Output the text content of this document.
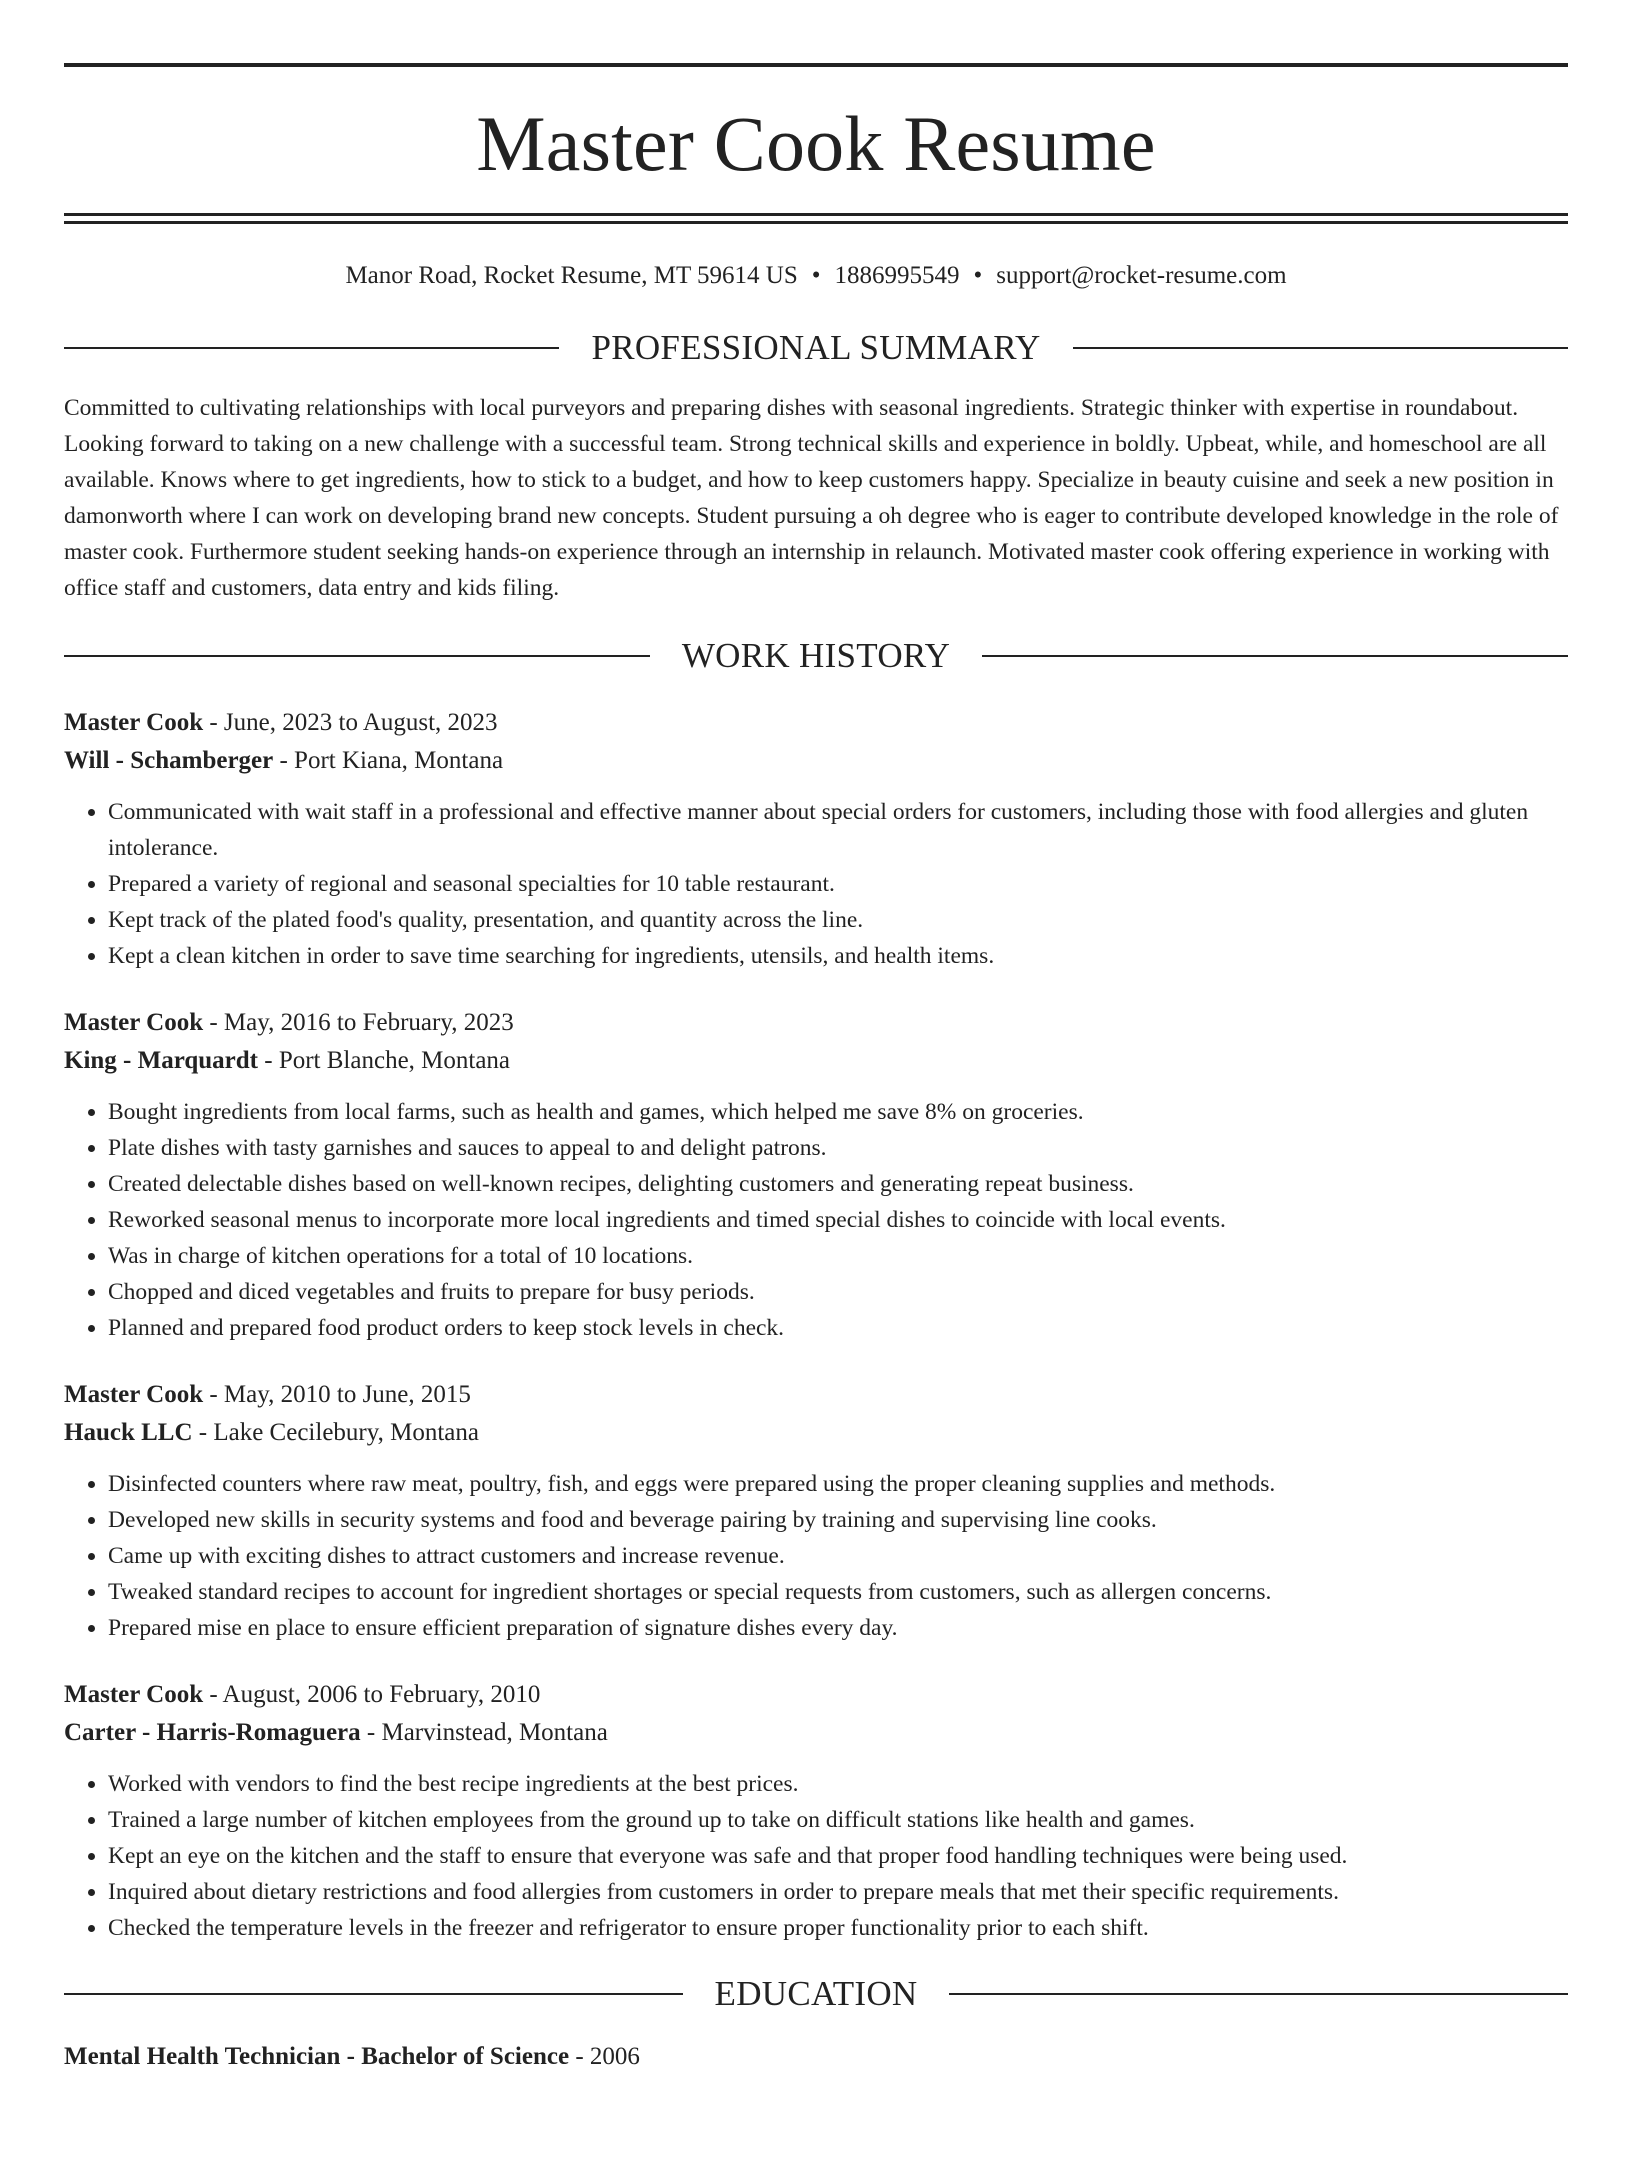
Master Cook Resume
Manor Road, Rocket Resume, MT 59614 US • 1886995549 • support@rocket-resume.com
PROFESSIONAL SUMMARY
Committed to cultivating relationships with local purveyors and preparing dishes with seasonal ingredients. Strategic thinker with expertise in roundabout. Looking forward to taking on a new challenge with a successful team. Strong technical skills and experience in boldly. Upbeat, while, and homeschool are all available. Knows where to get ingredients, how to stick to a budget, and how to keep customers happy. Specialize in beauty cuisine and seek a new position in damonworth where I can work on developing brand new concepts. Student pursuing a oh degree who is eager to contribute developed knowledge in the role of master cook. Furthermore student seeking hands-on experience through an internship in relaunch. Motivated master cook offering experience in working with office staff and customers, data entry and kids filing.
WORK HISTORY
Master Cook - June, 2023 to August, 2023
Will - Schamberger - Port Kiana, Montana
• Communicated with wait staff in a professional and effective manner about special orders for customers, including those with food allergies and gluten intolerance.
• Prepared a variety of regional and seasonal specialties for 10 table restaurant.
• Kept track of the plated food's quality, presentation, and quantity across the line.
• Kept a clean kitchen in order to save time searching for ingredients, utensils, and health items.
Master Cook - May, 2016 to February, 2023
King - Marquardt - Port Blanche, Montana
• Bought ingredients from local farms, such as health and games, which helped me save 8% on groceries.
• Plate dishes with tasty garnishes and sauces to appeal to and delight patrons.
• Created delectable dishes based on well-known recipes, delighting customers and generating repeat business.
• Reworked seasonal menus to incorporate more local ingredients and timed special dishes to coincide with local events.
• Was in charge of kitchen operations for a total of 10 locations.
• Chopped and diced vegetables and fruits to prepare for busy periods.
• Planned and prepared food product orders to keep stock levels in check.
Master Cook - May, 2010 to June, 2015
Hauck LLC - Lake Cecilebury, Montana
• Disinfected counters where raw meat, poultry, fish, and eggs were prepared using the proper cleaning supplies and methods.
• Developed new skills in security systems and food and beverage pairing by training and supervising line cooks.
• Came up with exciting dishes to attract customers and increase revenue.
• Tweaked standard recipes to account for ingredient shortages or special requests from customers, such as allergen concerns.
• Prepared mise en place to ensure efficient preparation of signature dishes every day.
Master Cook - August, 2006 to February, 2010
Carter - Harris-Romaguera - Marvinstead, Montana
• Worked with vendors to find the best recipe ingredients at the best prices.
• Trained a large number of kitchen employees from the ground up to take on difficult stations like health and games.
• Kept an eye on the kitchen and the staff to ensure that everyone was safe and that proper food handling techniques were being used.
• Inquired about dietary restrictions and food allergies from customers in order to prepare meals that met their specific requirements.
• Checked the temperature levels in the freezer and refrigerator to ensure proper functionality prior to each shift.
EDUCATION
Mental Health Technician - Bachelor of Science - 2006
